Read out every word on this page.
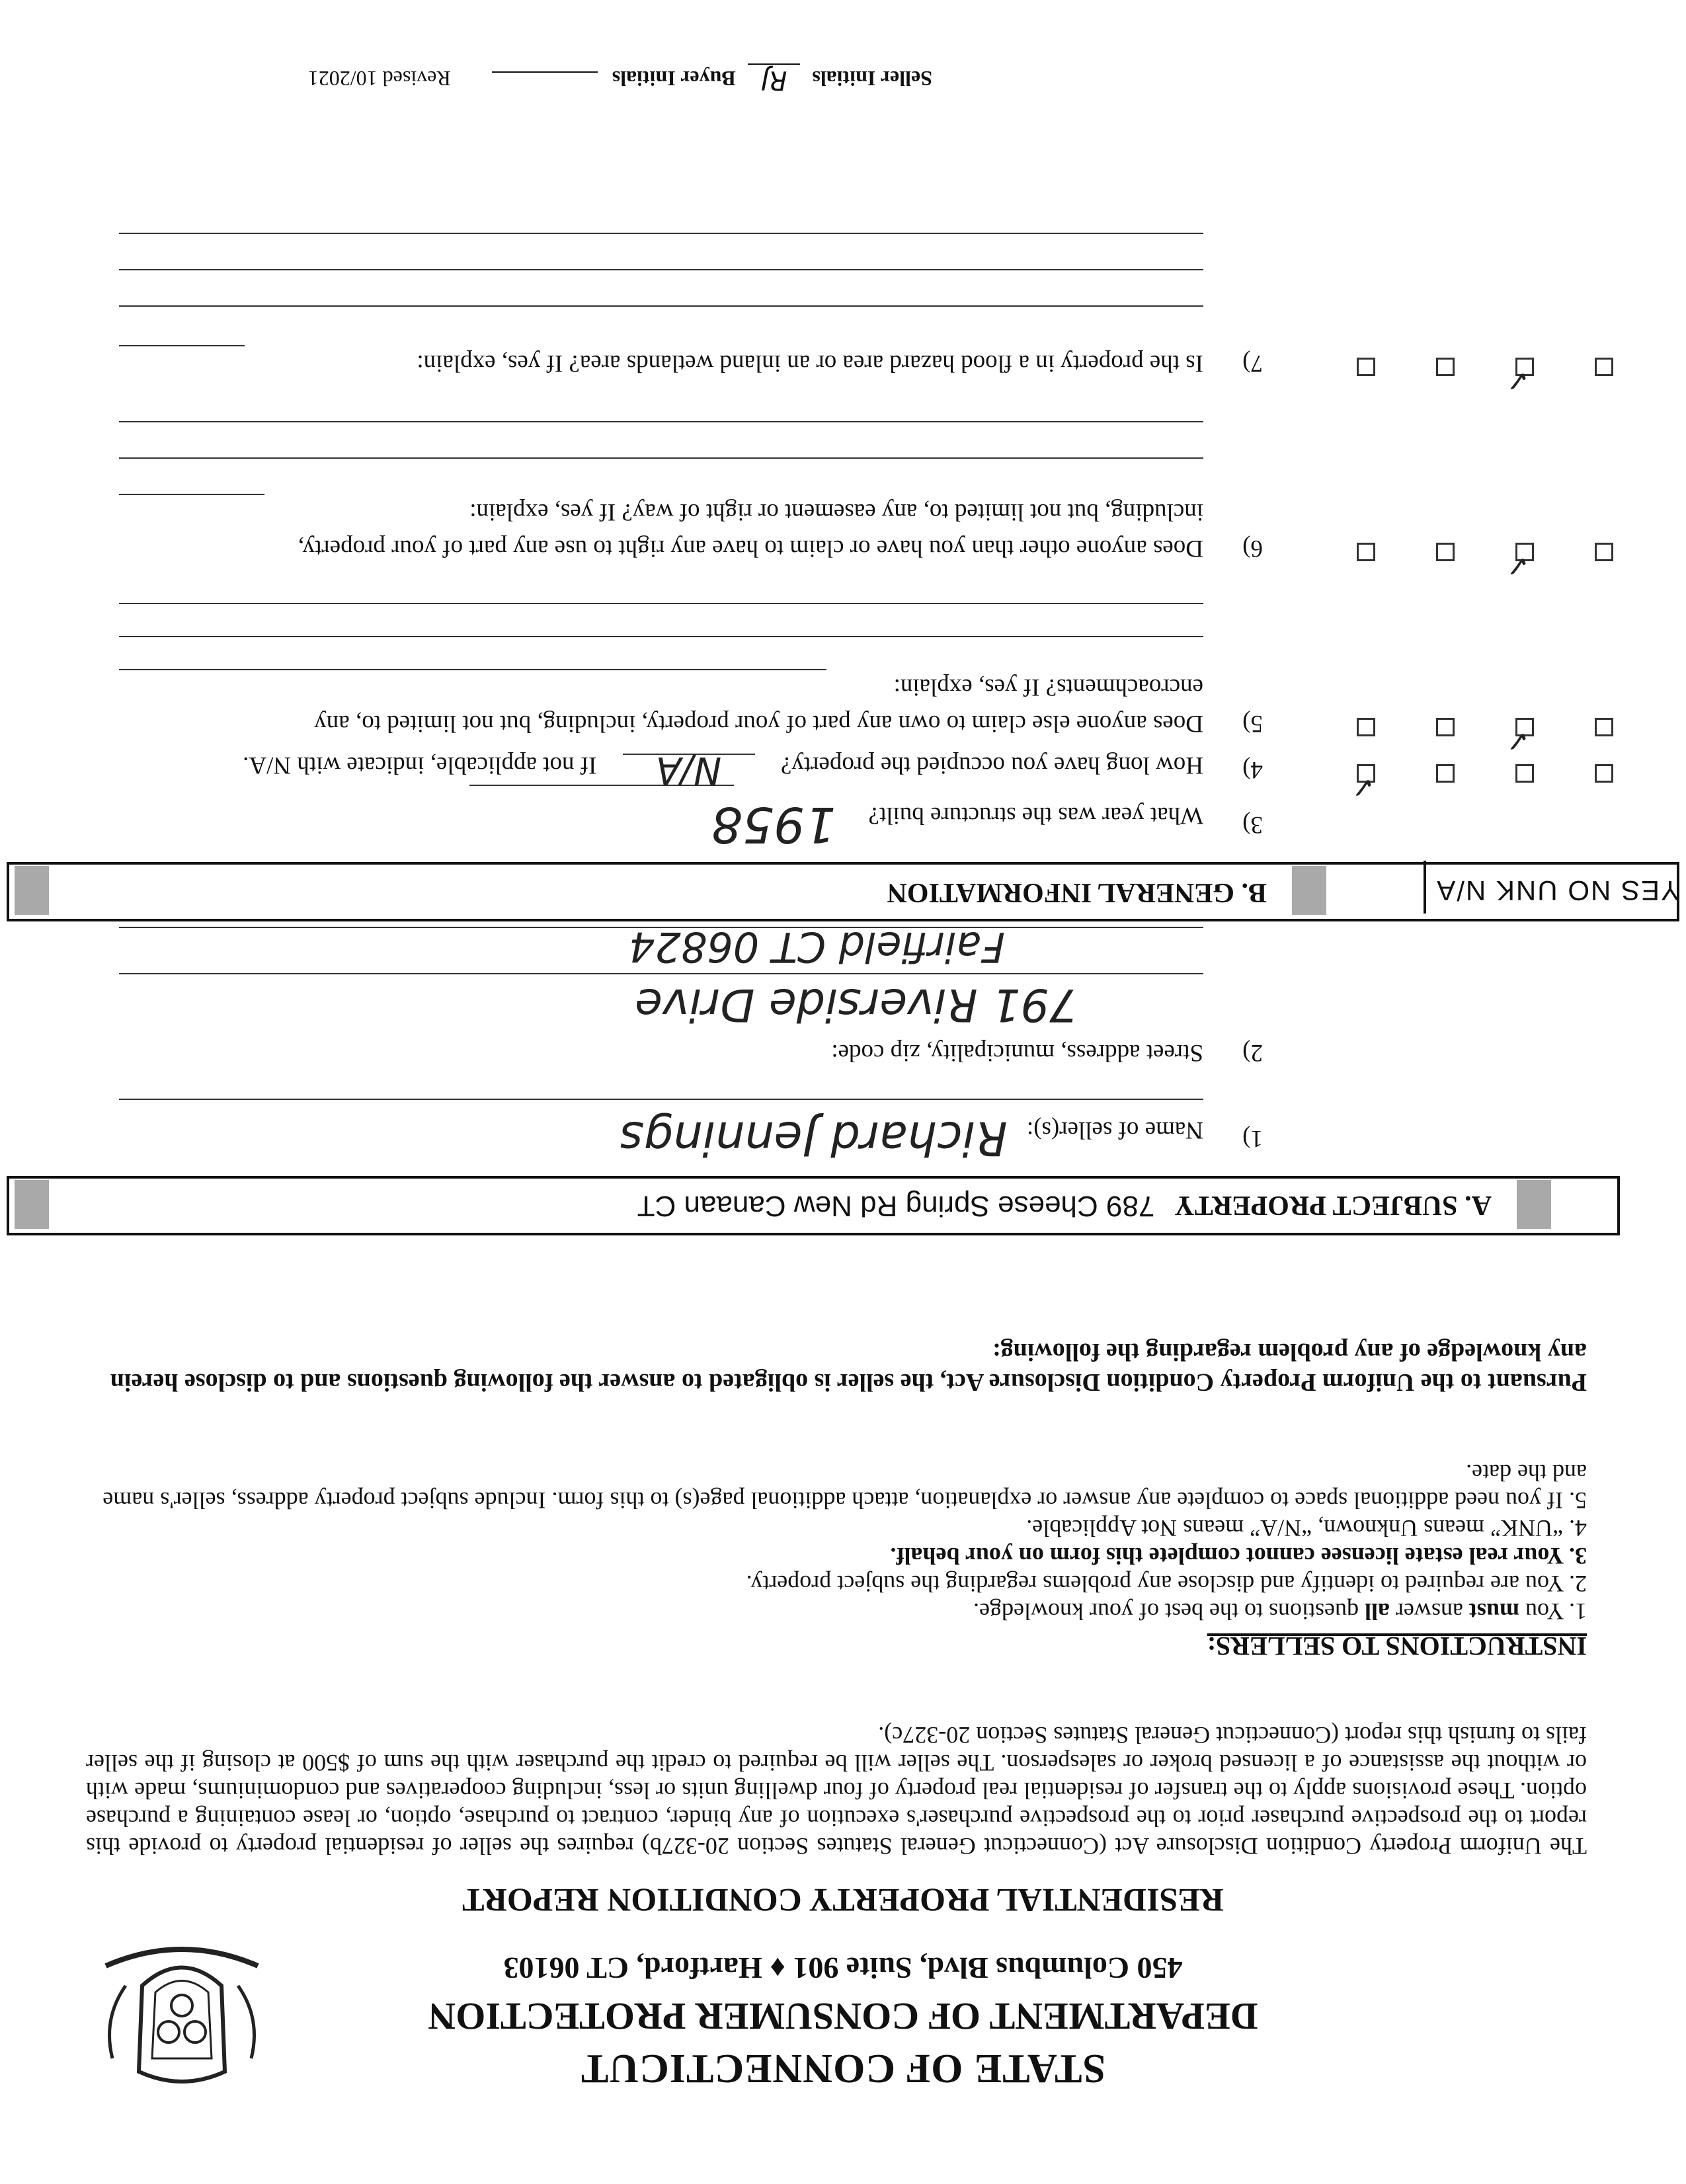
STATE OF CONNECTICUT
DEPARTMENT OF CONSUMER PROTECTION
450 Columbus Blvd, Suite 901 ♦ Hartford, CT 06103
RESIDENTIAL PROPERTY CONDITION REPORT
The Uniform Property Condition Disclosure Act (Connecticut General Statutes Section 20-327b) requires the seller of residential property to provide this report to the prospective purchaser prior to the prospective purchaser's execution of any binder, contract to purchase, option, or lease containing a purchase option. These provisions apply to the transfer of residential real property of four dwelling units or less, including cooperatives and condominiums, made with or without the assistance of a licensed broker or salesperson. The seller will be required to credit the purchaser with the sum of $500 at closing if the seller fails to furnish this report (Connecticut General Statutes Section 20-327c).
INSTRUCTIONS TO SELLERS:

1. You must answer all questions to the best of your knowledge.

2. You are required to identify and disclose any problems regarding the subject property.

3. Your real estate licensee cannot complete this form on your behalf.

4. “UNK” means Unknown, “N/A” means Not Applicable.

5. If you need additional space to complete any answer or explanation, attach additional page(s) to this form. Include subject property address, seller's name and the date.

Pursuant to the Uniform Property Condition Disclosure Act, the seller is obligated to answer the following questions and to disclose herein any knowledge of any problem regarding the following:
A. SUBJECT PROPERTY789 Cheese Spring Rd New Canaan CT
1)
Name of seller(s): Richard Jennings
2)
Street address, municipality, zip code:
791 Riverside Drive
Fairfield CT 06824
B. GENERAL INFORMATION	YES NO UNK N/A
3)
What year was the structure built? 1958
✓
4)
How long have you occupied the property? N/A If not applicable, indicate with N/A.
✓
5)
Does anyone else claim to own any part of your property, including, but not limited to, any
encroachments? If yes, explain:
✓
6)
Does anyone other than you have or claim to have any right to use any part of your property,
including, but not limited to, any easement or right of way? If yes, explain:
✓
7)
Is the property in a flood hazard area or an inland wetlands area? If yes, explain:
Seller InitialsRJBuyer InitialsRevised 10/2021
